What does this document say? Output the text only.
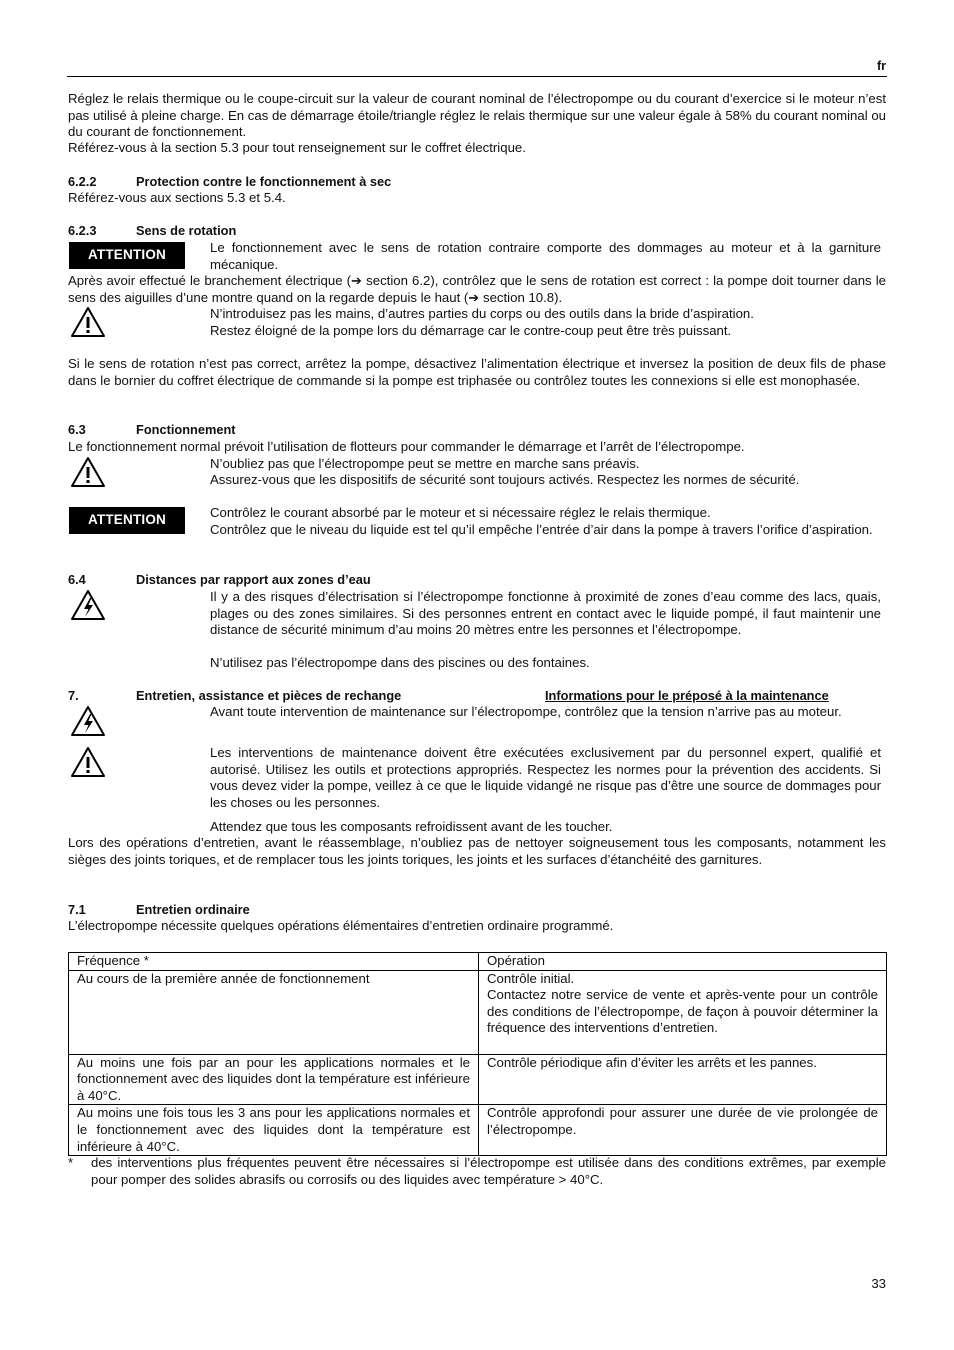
fr

Réglez le relais thermique ou le coupe-circuit sur la valeur de courant nominal de l’électropompe ou du courant d’exercice si le moteur n’est pas utilisé à pleine charge. En cas de démarrage étoile/triangle réglez le relais thermique sur une valeur égale à 58% du courant nominal ou du courant de fonctionnement.

Référez-vous à la section 5.3 pour tout renseignement sur le coffret électrique.

6.2.2	Protection contre le fonctionnement à sec

Référez-vous aux sections 5.3 et 5.4.

6.2.3	Sens de rotation
ATTENTION	Le fonctionnement avec le sens de rotation contraire comporte des dommages au moteur et à la garniture mécanique.

Après avoir effectué le branchement électrique (➔ section 6.2), contrôlez que le sens de rotation est correct : la pompe doit tourner dans le sens des aiguilles d’une montre quand on la regarde depuis le haut (➔ section 10.8).

N’introduisez pas les mains, d’autres parties du corps ou des outils dans la bride d’aspiration.

Restez éloigné de la pompe lors du démarrage car le contre-coup peut être très puissant.

Si le sens de rotation n’est pas correct, arrêtez la pompe, désactivez l’alimentation électrique et inversez la position de deux fils de phase dans le bornier du coffret électrique de commande si la pompe est triphasée ou contrôlez toutes les connexions si elle est monophasée.

6.3	Fonctionnement

Le fonctionnement normal prévoit l’utilisation de flotteurs pour commander le démarrage et l’arrêt de l’électropompe.

N’oubliez pas que l’électropompe peut se mettre en marche sans préavis.

Assurez-vous que les dispositifs de sécurité sont toujours activés. Respectez les normes de sécurité.

ATTENTION	Contrôlez le courant absorbé par le moteur et si nécessaire réglez le relais thermique.

Contrôlez que le niveau du liquide est tel qu’il empêche l’entrée d’air dans la pompe à travers l’orifice d’aspiration.

6.4	Distances par rapport aux zones d’eau

Il y a des risques d’électrisation si l’électropompe fonctionne à proximité de zones d’eau comme des lacs, quais, plages ou des zones similaires. Si des personnes entrent en contact avec le liquide pompé, il faut maintenir une distance de sécurité minimum d’au moins 20 mètres entre les personnes et l’électropompe.

N’utilisez pas l’électropompe dans des piscines ou des fontaines.

7.	Entretien, assistance et pièces de rechange	Informations pour le préposé à la maintenance

Avant toute intervention de maintenance sur l’électropompe, contrôlez que la tension n’arrive pas au moteur.

Les interventions de maintenance doivent être exécutées exclusivement par du personnel expert, qualifié et autorisé. Utilisez les outils et protections appropriés. Respectez les normes pour la prévention des accidents. Si vous devez vider la pompe, veillez à ce que le liquide vidangé ne risque pas d’être une source de dommages pour les choses ou les personnes.

Attendez que tous les composants refroidissent avant de les toucher.

Lors des opérations d’entretien, avant le réassemblage, n’oubliez pas de nettoyer soigneusement tous les composants, notamment les sièges des joints toriques, et de remplacer tous les joints toriques, les joints et les surfaces d’étanchéité des garnitures.

7.1	Entretien ordinaire

L’électropompe nécessite quelques opérations élémentaires d’entretien ordinaire programmé.

Fréquence *	Opération
Au cours de la première année de fonctionnement	Contrôle initial.
Contactez notre service de vente et après-vente pour un contrôle des conditions de l’électropompe, de façon à pouvoir déterminer la fréquence des interventions d’entretien.

Au moins une fois par an pour les applications normales et le fonctionnement avec des liquides dont la température est inférieure à 40°C.	Contrôle périodique afin d’éviter les arrêts et les pannes.
Au moins une fois tous les 3 ans pour les applications normales et le fonctionnement avec des liquides dont la température est inférieure à 40°C.	Contrôle approfondi pour assurer une durée de vie prolongée de l’électropompe.
* des interventions plus fréquentes peuvent être nécessaires si l’électropompe est utilisée dans des conditions extrêmes, par exemple pour pomper des solides abrasifs ou corrosifs ou des liquides avec température > 40°C.

33
